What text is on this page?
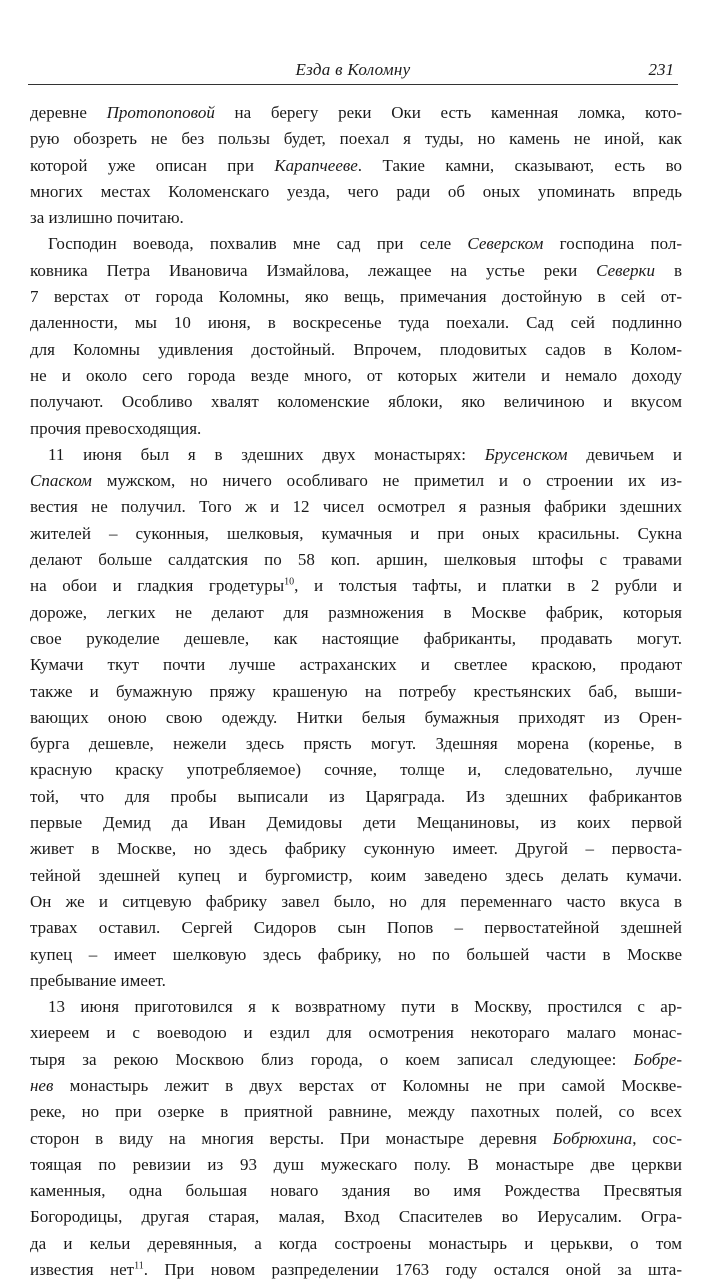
Езда в Коломну	231

деревне Протопоповой на берегу реки Оки есть каменная ломка, кото-
рую обозреть не без пользы будет, поехал я туды, но камень не иной, как
которой уже описан при Карапчееве. Такие камни, сказывают, есть во
многих местах Коломенскаго уезда, чего ради об оных упоминать впредь
за излишно почитаю.

Господин воевода, похвалив мне сад при селе Северском господина пол-
ковника Петра Ивановича Измайлова, лежащее на устье реки Северки в
7 верстах от города Коломны, яко вещь, примечания достойную в сей от-
даленности, мы 10 июня, в воскресенье туда поехали. Сад сей подлинно
для Коломны удивления достойный. Впрочем, плодовитых садов в Колом-
не и около сего города везде много, от которых жители и немало доходу
получают. Особливо хвалят коломенские яблоки, яко величиною и вкусом
прочия превосходящия.

11 июня был я в здешних двух монастырях: Брусенском девичьем и
Спаском мужском, но ничего особливаго не приметил и о строении их из-
вестия не получил. Того ж и 12 чисел осмотрел я разныя фабрики здешних
жителей – суконныя, шелковыя, кумачныя и при оных красильны. Сукна
делают больше салдатския по 58 коп. аршин, шелковыя штофы с травами
на обои и гладкия гродетуры$^{10}$, и толстыя тафты, и платки в 2 рубли и
дороже, легких не делают для размножения в Москве фабрик, которыя
свое рукоделие дешевле, как настоящие фабриканты, продавать могут.
Кумачи ткут почти лучше астраханских и светлее краскою, продают
также и бумажную пряжу крашеную на потребу крестьянских баб, выши-
вающих оною свою одежду. Нитки белыя бумажныя приходят из Орен-
бурга дешевле, нежели здесь прясть могут. Здешняя морена (коренье, в
красную краску употребляемое) сочняе, толще и, следовательно, лучше
той, что для пробы выписали из Царяграда. Из здешних фабрикантов
первые Демид да Иван Демидовы дети Мещаниновы, из коих первой
живет в Москве, но здесь фабрику суконную имеет. Другой – первоста-
тейной здешней купец и бургомистр, коим заведено здесь делать кумачи.
Он же и ситцевую фабрику завел было, но для переменнаго часто вкуса в
травах оставил. Сергей Сидоров сын Попов – первостатейной здешней
купец – имеет шелковую здесь фабрику, но по большей части в Москве
пребывание имеет.

13 июня приготовился я к возвратному пути в Москву, простился с ар-
хиереем и с воеводою и ездил для осмотрения некотораго малаго монас-
тыря за рекою Москвою близ города, о коем записал следующее: Бобре-
нев монастырь лежит в двух верстах от Коломны не при самой Москве-
реке, но при озерке в приятной равнине, между пахотных полей, со всех
сторон в виду на многия версты. При монастыре деревня Бобрюхина, сос-
тоящая по ревизии из 93 душ мужескаго полу. В монастыре две церкви
каменныя, одна большая новаго здания во имя Рождества Пресвятыя
Богородицы, другая старая, малая, Вход Спасителев во Иерусалим. Огра-
да и кельи деревянныя, а когда состроены монастырь и церькви, о том
известия нет$^{11}$. При новом разпределении 1763 году остался оной за шта-
